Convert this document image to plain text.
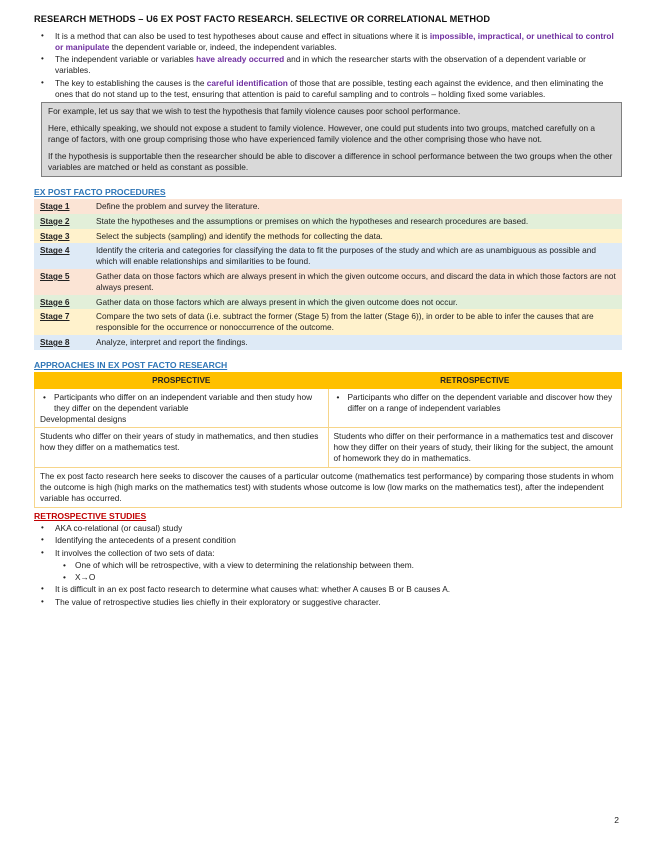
RESEARCH METHODS – U6 EX POST FACTO RESEARCH. SELECTIVE OR CORRELATIONAL METHOD
• It is a method that can also be used to test hypotheses about cause and effect in situations where it is impossible, impractical, or unethical to control or manipulate the dependent variable or, indeed, the independent variables.
• The independent variable or variables have already occurred and in which the researcher starts with the observation of a dependent variable or variables.
• The key to establishing the causes is the careful identification of those that are possible, testing each against the evidence, and then eliminating the ones that do not stand up to the test, ensuring that attention is paid to careful sampling and to controls – holding fixed some variables.

For example, let us say that we wish to test the hypothesis that family violence causes poor school performance.

Here, ethically speaking, we should not expose a student to family violence. However, one could put students into two groups, matched carefully on a range of factors, with one group comprising those who have experienced family violence and the other comprising those who have not.

If the hypothesis is supportable then the researcher should be able to discover a difference in school performance between the two groups when the other variables are matched or held as constant as possible.

EX POST FACTO PROCEDURES
Stage 1	Define the problem and survey the literature.
Stage 2	State the hypotheses and the assumptions or premises on which the hypotheses and research procedures are based.
Stage 3	Select the subjects (sampling) and identify the methods for collecting the data.
Stage 4	Identify the criteria and categories for classifying the data to fit the purposes of the study and which are as unambiguous as possible and which will enable relationships and similarities to be found.
Stage 5	Gather data on those factors which are always present in which the given outcome occurs, and discard the data in which those factors are not always present.
Stage 6	Gather data on those factors which are always present in which the given outcome does not occur.
Stage 7	Compare the two sets of data (i.e. subtract the former (Stage 5) from the latter (Stage 6)), in order to be able to infer the causes that are responsible for the occurrence or nonoccurrence of the outcome.
Stage 8	Analyze, interpret and report the findings.
APPROACHES IN EX POST FACTO RESEARCH
PROSPECTIVE	RETROSPECTIVE

• Participants who differ on an independent variable and then study how they differ on the dependent variable
Developmental designs	• Participants who differ on the dependent variable and discover how they differ on a range of independent variables

Students who differ on their years of study in mathematics, and then studies how they differ on a mathematics test.	Students who differ on their performance in a mathematics test and discover how they differ on their years of study, their liking for the subject, the amount of homework they do in mathematics.
The ex post facto research here seeks to discover the causes of a particular outcome (mathematics test performance) by comparing those students in whom the outcome is high (high marks on the mathematics test) with students whose outcome is low (low marks on the mathematics test), after the independent variable has occurred.	
RETROSPECTIVE STUDIES
• AKA co-relational (or causal) study
• Identifying the antecedents of a present condition
• It involves the collection of two sets of data:
• One of which will be retrospective, with a view to determining the relationship between them.
• X→O
• It is difficult in an ex post facto research to determine what causes what: whether A causes B or B causes A.
• The value of retrospective studies lies chiefly in their exploratory or suggestive character.
2
